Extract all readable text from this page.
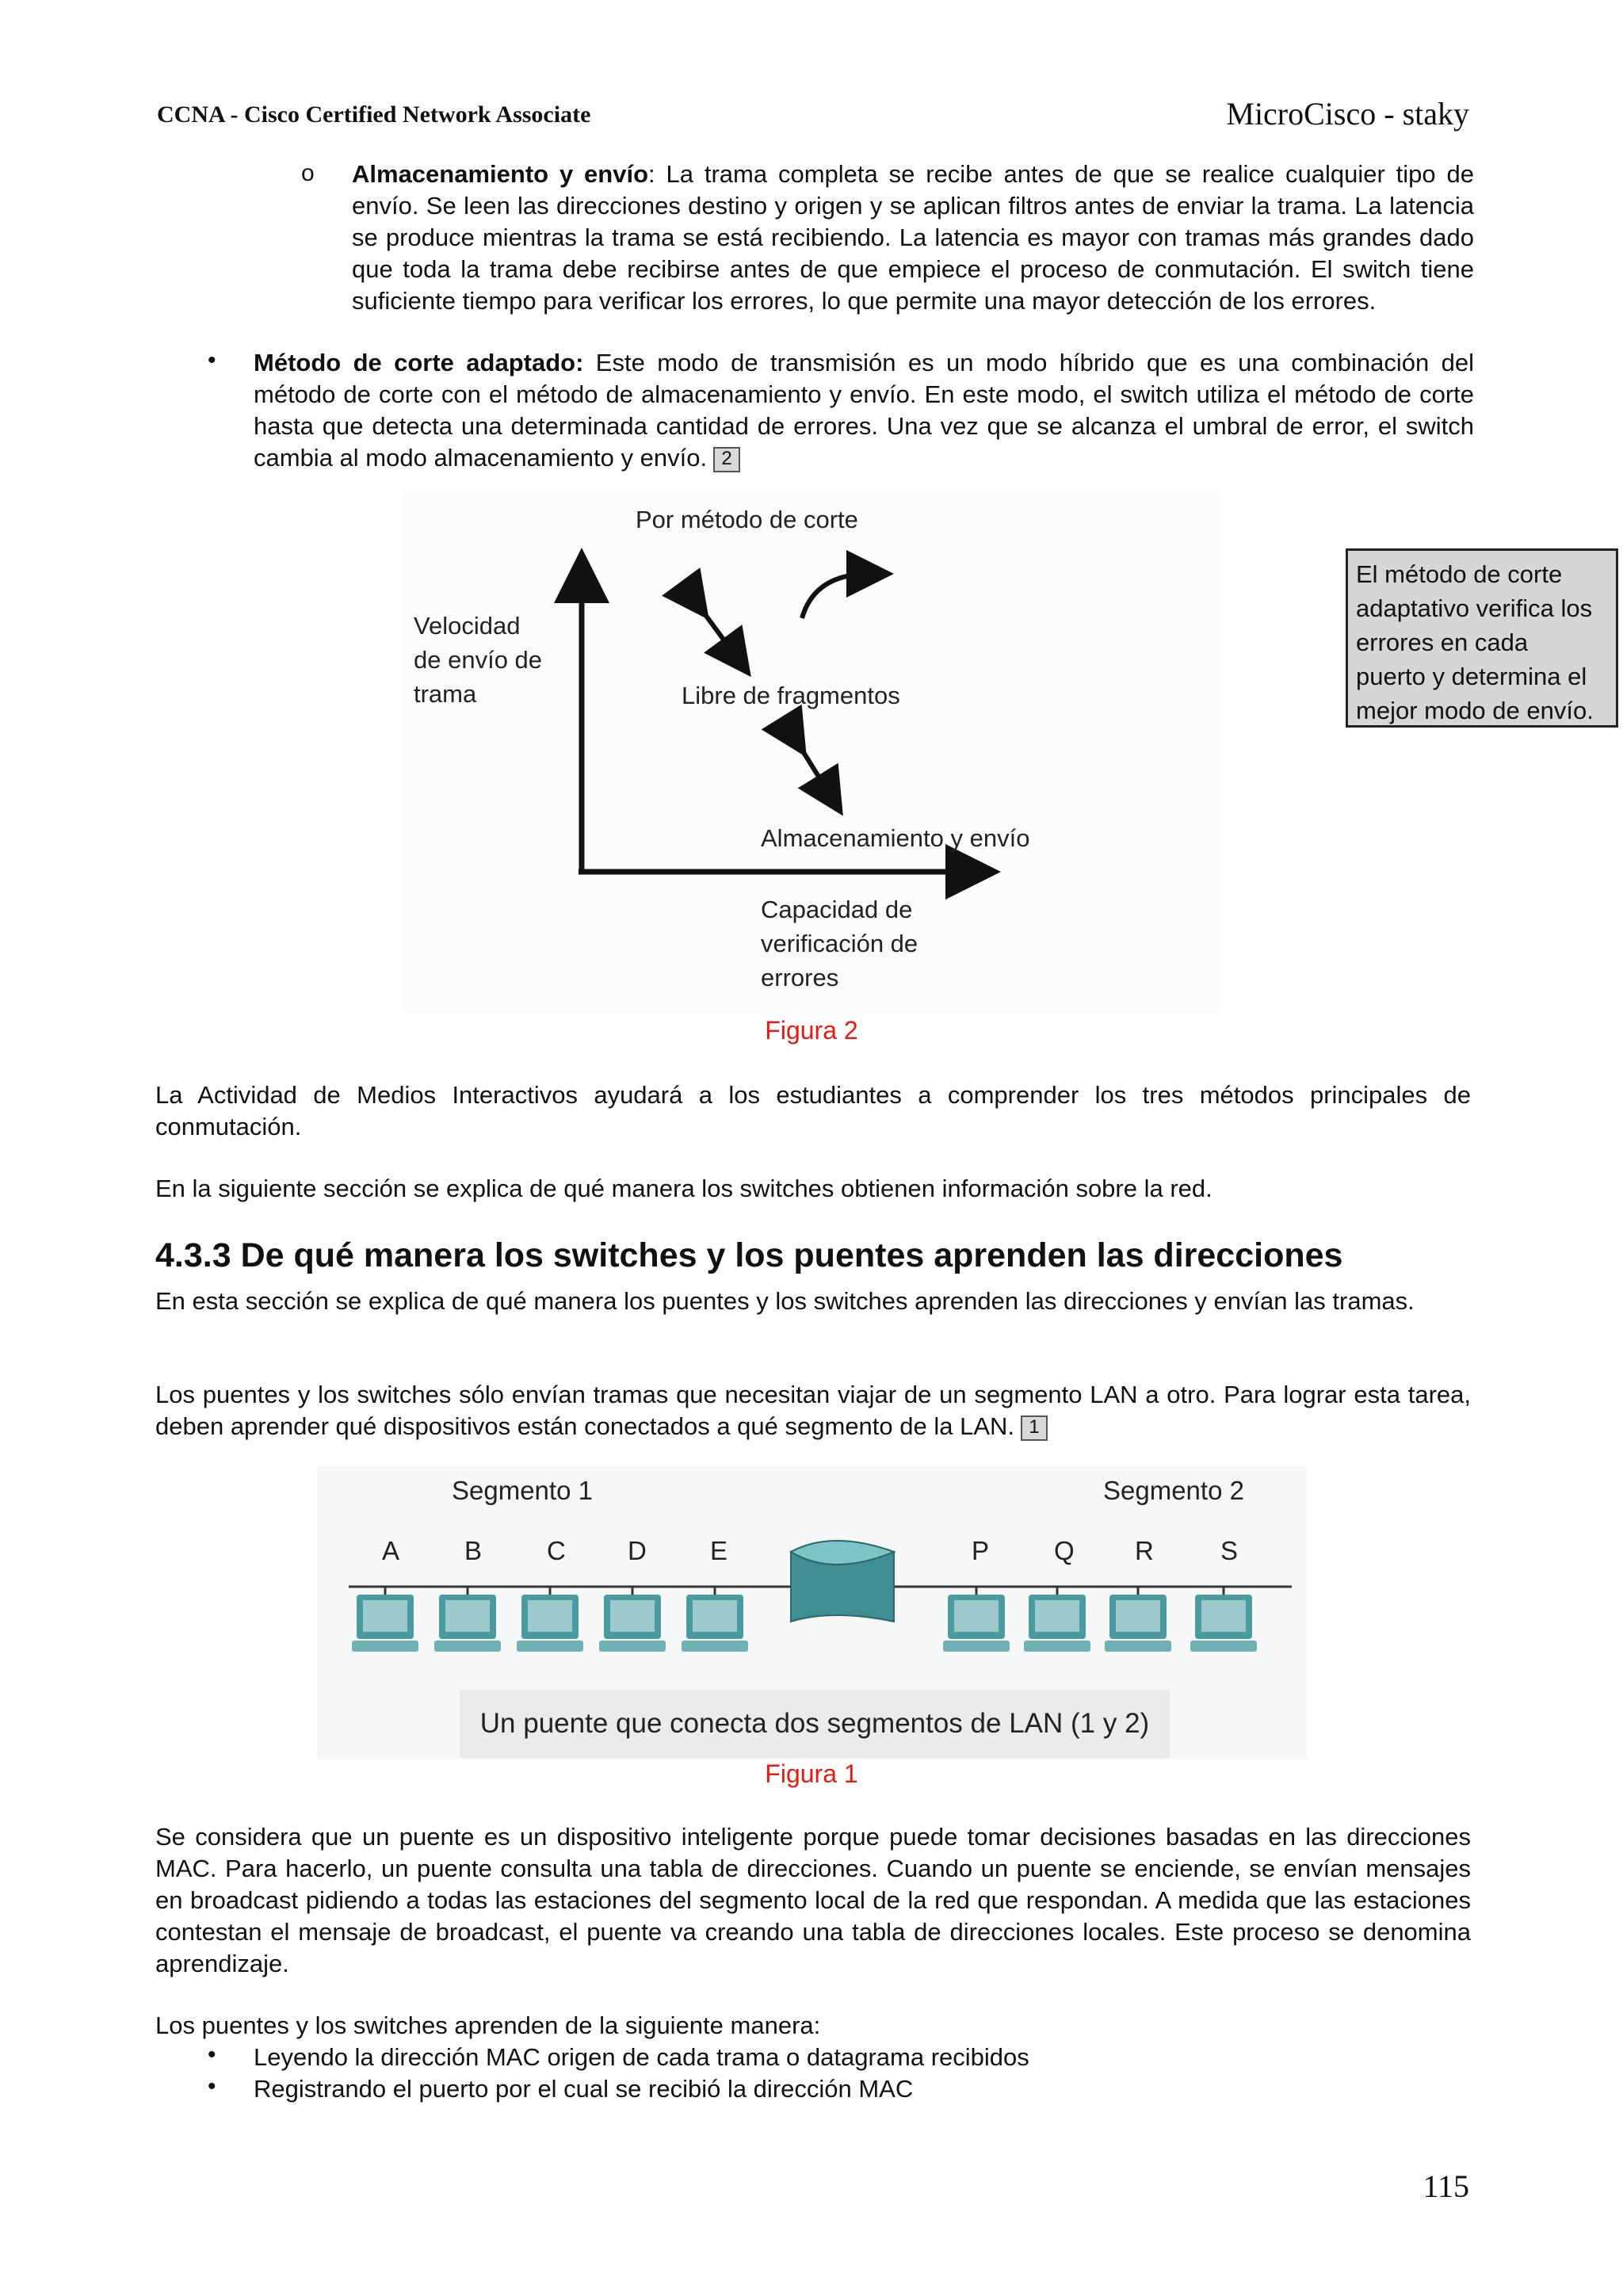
CCNA - Cisco Certified Network Associate	MicroCisco - staky
o Almacenamiento y envío: La trama completa se recibe antes de que se realice cualquier tipo de envío. Se leen las direcciones destino y origen y se aplican filtros antes de enviar la trama. La latencia se produce mientras la trama se está recibiendo. La latencia es mayor con tramas más grandes dado que toda la trama debe recibirse antes de que empiece el proceso de conmutación. El switch tiene suficiente tiempo para verificar los errores, lo que permite una mayor detección de los errores.
• Método de corte adaptado: Este modo de transmisión es un modo híbrido que es una combinación del método de corte con el método de almacenamiento y envío. En este modo, el switch utiliza el método de corte hasta que detecta una determinada cantidad de errores. Una vez que se alcanza el umbral de error, el switch cambia al modo almacenamiento y envío. 2
Por método de corte
Velocidad
de envío de
trama	Libre de fragmentos
Almacenamiento y envío
Capacidad de
verificación de
errores
El método de corte
adaptativo verifica los
errores en cada
puerto y determina el
mejor modo de envío.
Figura 2
La Actividad de Medios Interactivos ayudará a los estudiantes a comprender los tres métodos principales de conmutación.
En la siguiente sección se explica de qué manera los switches obtienen información sobre la red.
4.3.3 De qué manera los switches y los puentes aprenden las direcciones
En esta sección se explica de qué manera los puentes y los switches aprenden las direcciones y envían las tramas.
Los puentes y los switches sólo envían tramas que necesitan viajar de un segmento LAN a otro. Para lograr esta tarea, deben aprender qué dispositivos están conectados a qué segmento de la LAN. 1
Segmento 1	Segmento 2
A B C D E	P Q R	S
Un puente que conecta dos segmentos de LAN (1 y 2)
Figura 1
Se considera que un puente es un dispositivo inteligente porque puede tomar decisiones basadas en las direcciones MAC. Para hacerlo, un puente consulta una tabla de direcciones. Cuando un puente se enciende, se envían mensajes en broadcast pidiendo a todas las estaciones del segmento local de la red que respondan. A medida que las estaciones contestan el mensaje de broadcast, el puente va creando una tabla de direcciones locales. Este proceso se denomina aprendizaje.
Los puentes y los switches aprenden de la siguiente manera:
• Leyendo la dirección MAC origen de cada trama o datagrama recibidos
• Registrando el puerto por el cual se recibió la dirección MAC
115
